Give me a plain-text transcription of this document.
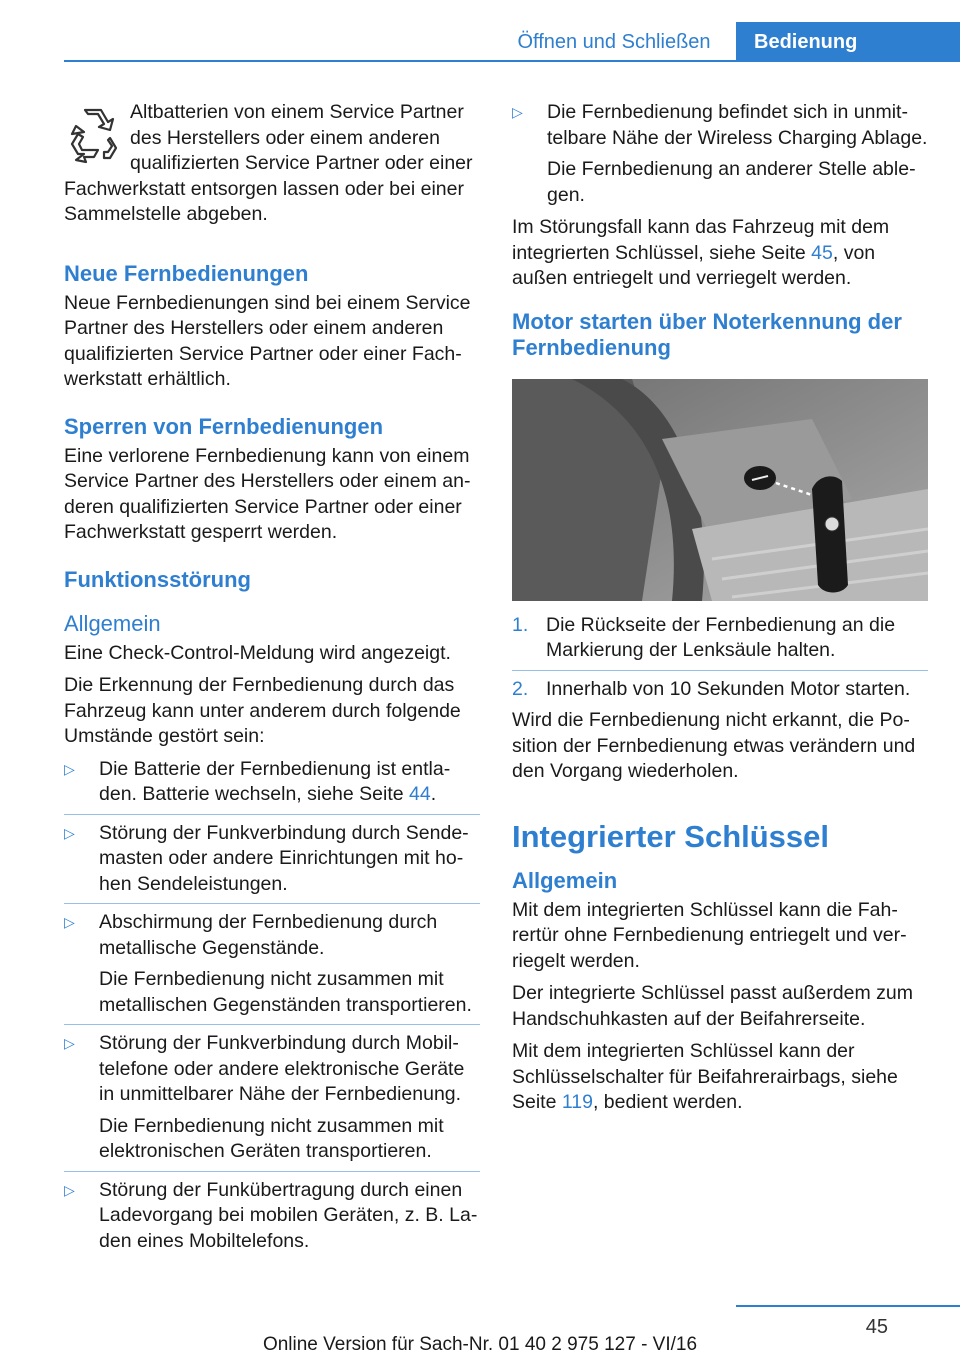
Öffnen und Schließen	Bedienung

Altbatterien von einem Service Partner des Herstellers oder einem anderen qualifizierten Service Partner oder einer Fachwerkstatt entsorgen lassen oder bei einer Sammelstelle abgeben.

Neue Fernbedienungen

Neue Fernbedienungen sind bei einem Service Partner des Herstellers oder einem anderen qualifizierten Service Partner oder einer Fachwerkstatt erhältlich.

Sperren von Fernbedienungen

Eine verlorene Fernbedienung kann von einem Service Partner des Herstellers oder einem anderen qualifizierten Service Partner oder einer Fachwerkstatt gesperrt werden.

Funktionsstörung
Allgemein

Eine Check-Control-Meldung wird angezeigt.

Die Erkennung der Fernbedienung durch das Fahrzeug kann unter anderem durch folgende Umstände gestört sein:

▷ Die Batterie der Fernbedienung ist entladen. Batterie wechseln, siehe Seite 44.
▷ Störung der Funkverbindung durch Sendemasten oder andere Einrichtungen mit hohen Sendeleistungen.
▷ Abschirmung der Fernbedienung durch metallische Gegenstände.
Die Fernbedienung nicht zusammen mit metallischen Gegenständen transportieren.
▷ Störung der Funkverbindung durch Mobiltelefone oder andere elektronische Geräte in unmittelbarer Nähe der Fernbedienung.
Die Fernbedienung nicht zusammen mit elektronischen Geräten transportieren.
▷ Störung der Funkübertragung durch einen Ladevorgang bei mobilen Geräten, z. B. Laden eines Mobiltelefons.
▷ Die Fernbedienung befindet sich in unmittelbare Nähe der Wireless Charging Ablage.
Die Fernbedienung an anderer Stelle ablegen.

Im Störungsfall kann das Fahrzeug mit dem integrierten Schlüssel, siehe Seite 45, von außen entriegelt und verriegelt werden.

Motor starten über Noterkennung der Fernbedienung
1. Die Rückseite der Fernbedienung an die Markierung der Lenksäule halten.
2. Innerhalb von 10 Sekunden Motor starten.

Wird die Fernbedienung nicht erkannt, die Position der Fernbedienung etwas verändern und den Vorgang wiederholen.

Integrierter Schlüssel
Allgemein

Mit dem integrierten Schlüssel kann die Fahrertür ohne Fernbedienung entriegelt und verriegelt werden.

Der integrierte Schlüssel passt außerdem zum Handschuhkasten auf der Beifahrerseite.

Mit dem integrierten Schlüssel kann der Schlüsselschalter für Beifahrerairbags, siehe Seite 119, bedient werden.

45
Online Version für Sach-Nr. 01 40 2 975 127 - VI/16
